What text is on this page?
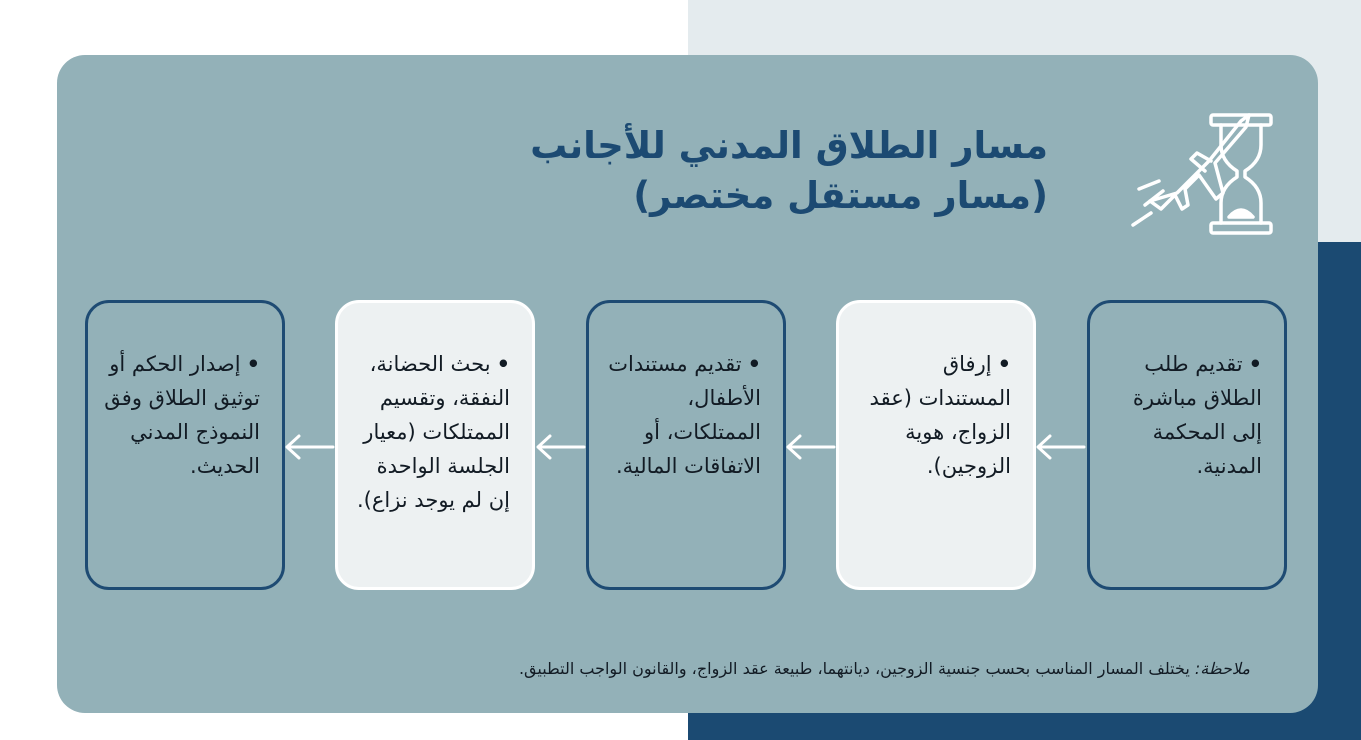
مسار الطلاق المدني للأجانب
(مسار مستقل مختصر)
•تقديم طلب الطلاق مباشرة إلى المحكمة المدنية.
•إرفاق المستندات (عقد الزواج، هوية الزوجين).
•تقديم مستندات الأطفال، الممتلكات، أو الاتفاقات المالية.
•بحث الحضانة، النفقة، وتقسيم الممتلكات (معيار الجلسة الواحدة إن لم يوجد نزاع).
•إصدار الحكم أو توثيق الطلاق وفق النموذج المدني الحديث.
ملاحظة: يختلف المسار المناسب بحسب جنسية الزوجين، ديانتهما، طبيعة عقد الزواج، والقانون الواجب التطبيق.
